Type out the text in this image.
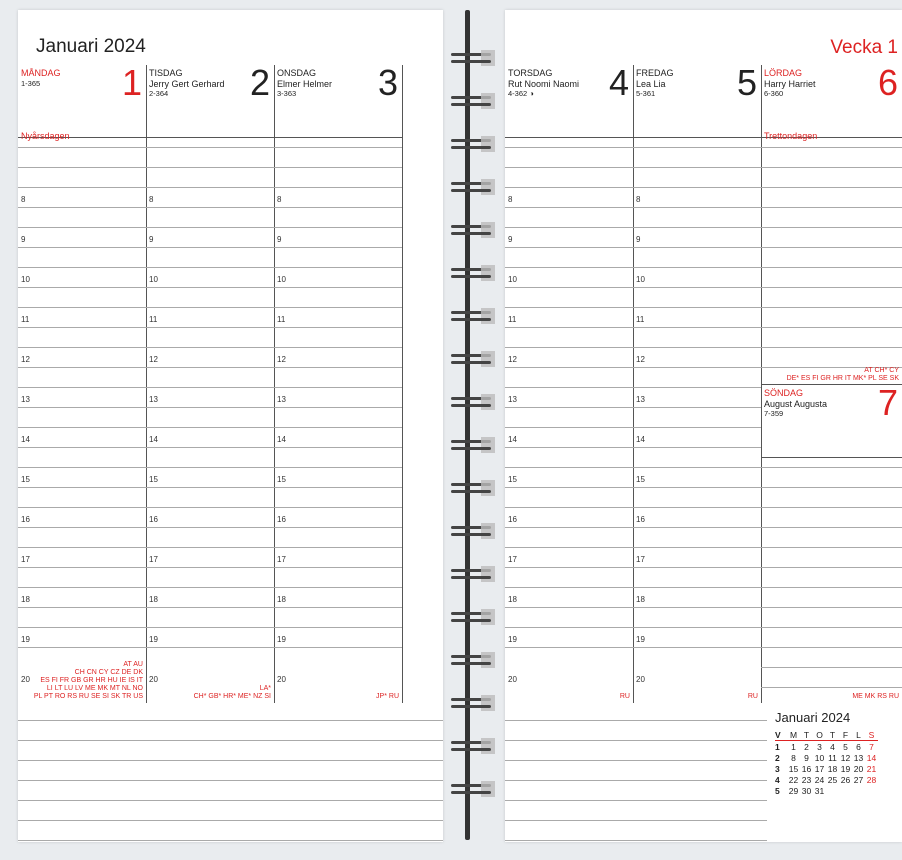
Januari 2024
MÅNDAG
1-365	1
Nyårsdagen
8
9
10
11
12
13
14
15
16
17
18
19
20
AT AU
CH CN CY CZ DE DK
ES FI FR GB GR HR HU IE IS IT
LI LT LU LV ME MK MT NL NO
PL PT RO RS RU SE SI SK TR US
TISDAG
Jerry Gert Gerhard
2-364	2
8
9
10
11
12
13
14
15
16
17
18
19
20
LA*
CH* GB* HR* ME* NZ SI
ONSDAG
Elmer Helmer
3-363	3
8
9
10
11
12
13
14
15
16
17
18
19
20
JP* RU
Vecka 1
TORSDAG
Rut Noomi Naomi
4-362 ◑	4
8
9
10
11
12
13
14
15
16
17
18
19
20
RU
FREDAG
Lea Lia
5-361	5
8
9
10
11
12
13
14
15
16
17
18
19
20
RU
LÖRDAG
Harry Harriet
6-360	6
Trettondagen
AT CH* CY
DE* ES FI GR HR IT MK* PL SE SK
SÖNDAG
August Augusta
7-359	7
ME MK RS RU
Januari 2024
V	M	T	O	T	F	L	S
1	1	2	3	4	5	6	7
2	8	9	10	11	12	13	14
3	15	16	17	18	19	20	21
4	22	23	24	25	26	27	28
5	29	30	31				
